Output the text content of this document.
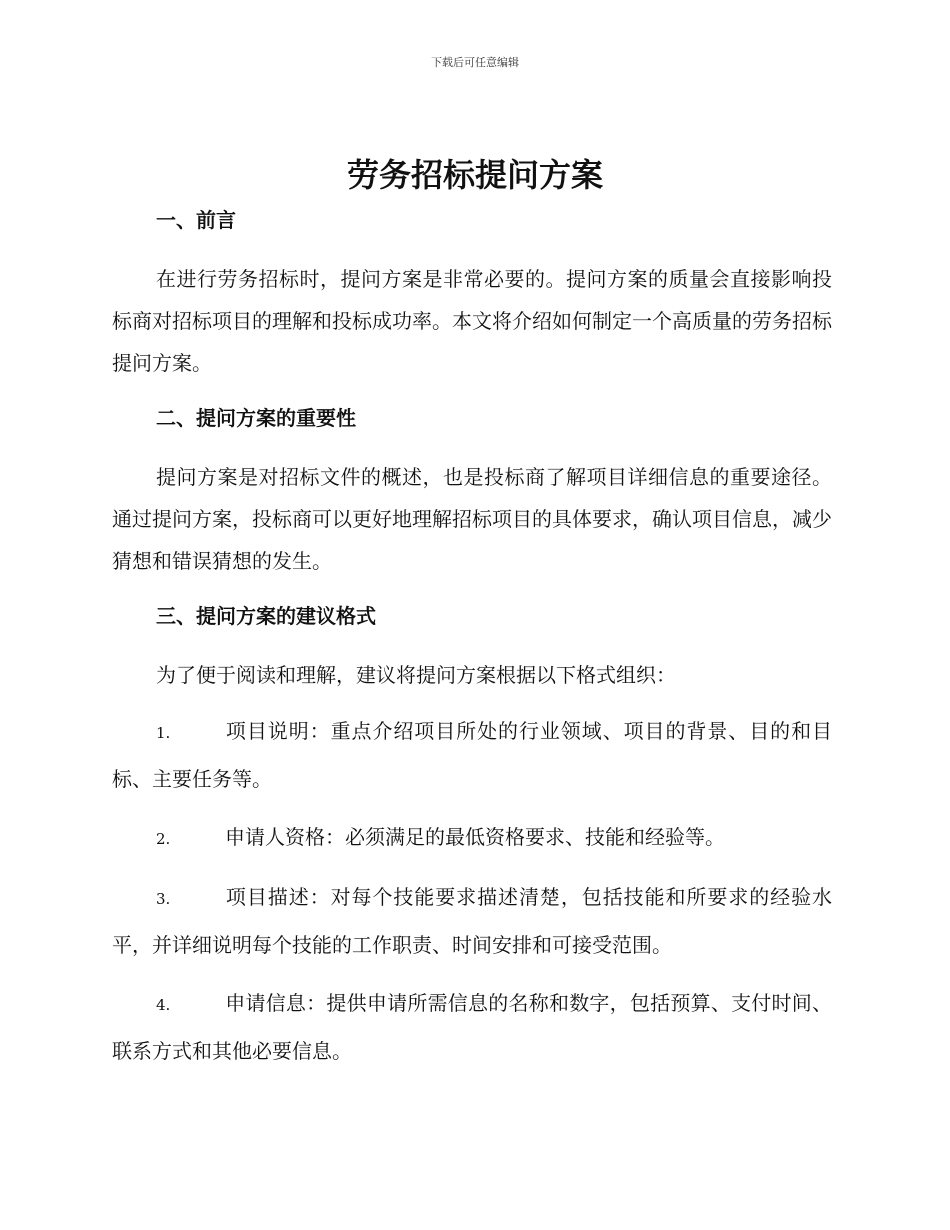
下载后可任意编辑
劳务招标提问方案
一、前言

在进行劳务招标时，提问方案是非常必要的。提问方案的质量会直接影响投标商对招标项目的理解和投标成功率。本文将介绍如何制定一个高质量的劳务招标提问方案。

二、提问方案的重要性

提问方案是对招标文件的概述，也是投标商了解项目详细信息的重要途径。通过提问方案，投标商可以更好地理解招标项目的具体要求，确认项目信息，减少猜想和错误猜想的发生。

三、提问方案的建议格式

为了便于阅读和理解，建议将提问方案根据以下格式组织：

1.	项目说明：重点介绍项目所处的行业领域、项目的背景、目的和目标、主要任务等。

2.	申请人资格：必须满足的最低资格要求、技能和经验等。

3.	项目描述：对每个技能要求描述清楚，包括技能和所要求的经验水平，并详细说明每个技能的工作职责、时间安排和可接受范围。

4.	申请信息：提供申请所需信息的名称和数字，包括预算、支付时间、联系方式和其他必要信息。
